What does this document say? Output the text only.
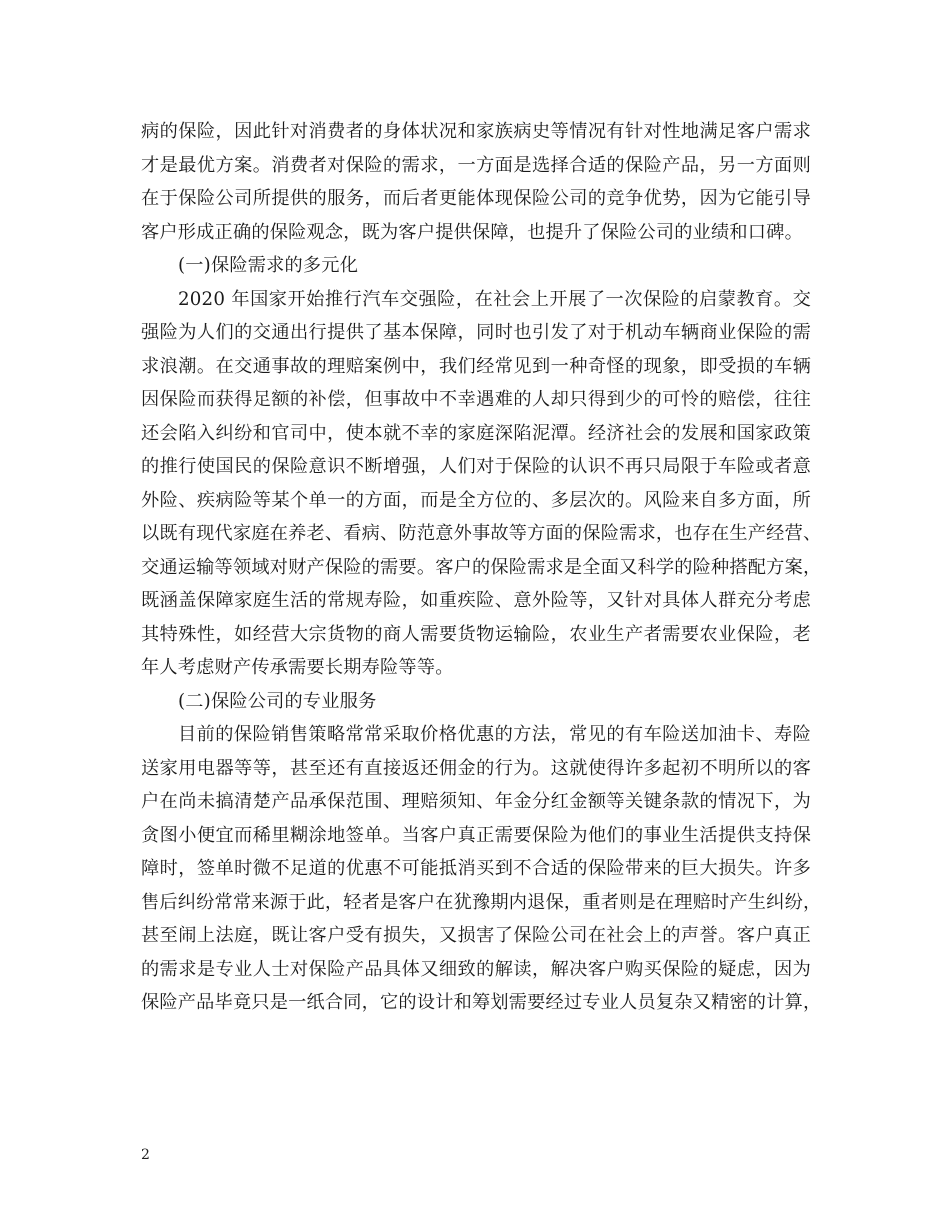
病的保险，因此针对消费者的身体状况和家族病史等情况有针对性地满足客户需求
才是最优方案。消费者对保险的需求，一方面是选择合适的保险产品，另一方面则
在于保险公司所提供的服务，而后者更能体现保险公司的竞争优势，因为它能引导
客户形成正确的保险观念，既为客户提供保障，也提升了保险公司的业绩和口碑。
(一)保险需求的多元化
2020 年国家开始推行汽车交强险，在社会上开展了一次保险的启蒙教育。交
强险为人们的交通出行提供了基本保障，同时也引发了对于机动车辆商业保险的需
求浪潮。在交通事故的理赔案例中，我们经常见到一种奇怪的现象，即受损的车辆
因保险而获得足额的补偿，但事故中不幸遇难的人却只得到少的可怜的赔偿，往往
还会陷入纠纷和官司中，使本就不幸的家庭深陷泥潭。经济社会的发展和国家政策
的推行使国民的保险意识不断增强，人们对于保险的认识不再只局限于车险或者意
外险、疾病险等某个单一的方面，而是全方位的、多层次的。风险来自多方面，所
以既有现代家庭在养老、看病、防范意外事故等方面的保险需求，也存在生产经营、
交通运输等领域对财产保险的需要。客户的保险需求是全面又科学的险种搭配方案，
既涵盖保障家庭生活的常规寿险，如重疾险、意外险等，又针对具体人群充分考虑
其特殊性，如经营大宗货物的商人需要货物运输险，农业生产者需要农业保险，老
年人考虑财产传承需要长期寿险等等。
(二)保险公司的专业服务
目前的保险销售策略常常采取价格优惠的方法，常见的有车险送加油卡、寿险
送家用电器等等，甚至还有直接返还佣金的行为。这就使得许多起初不明所以的客
户在尚未搞清楚产品承保范围、理赔须知、年金分红金额等关键条款的情况下，为
贪图小便宜而稀里糊涂地签单。当客户真正需要保险为他们的事业生活提供支持保
障时，签单时微不足道的优惠不可能抵消买到不合适的保险带来的巨大损失。许多
售后纠纷常常来源于此，轻者是客户在犹豫期内退保，重者则是在理赔时产生纠纷，
甚至闹上法庭，既让客户受有损失，又损害了保险公司在社会上的声誉。客户真正
的需求是专业人士对保险产品具体又细致的解读，解决客户购买保险的疑虑，因为
保险产品毕竟只是一纸合同，它的设计和筹划需要经过专业人员复杂又精密的计算，
2
